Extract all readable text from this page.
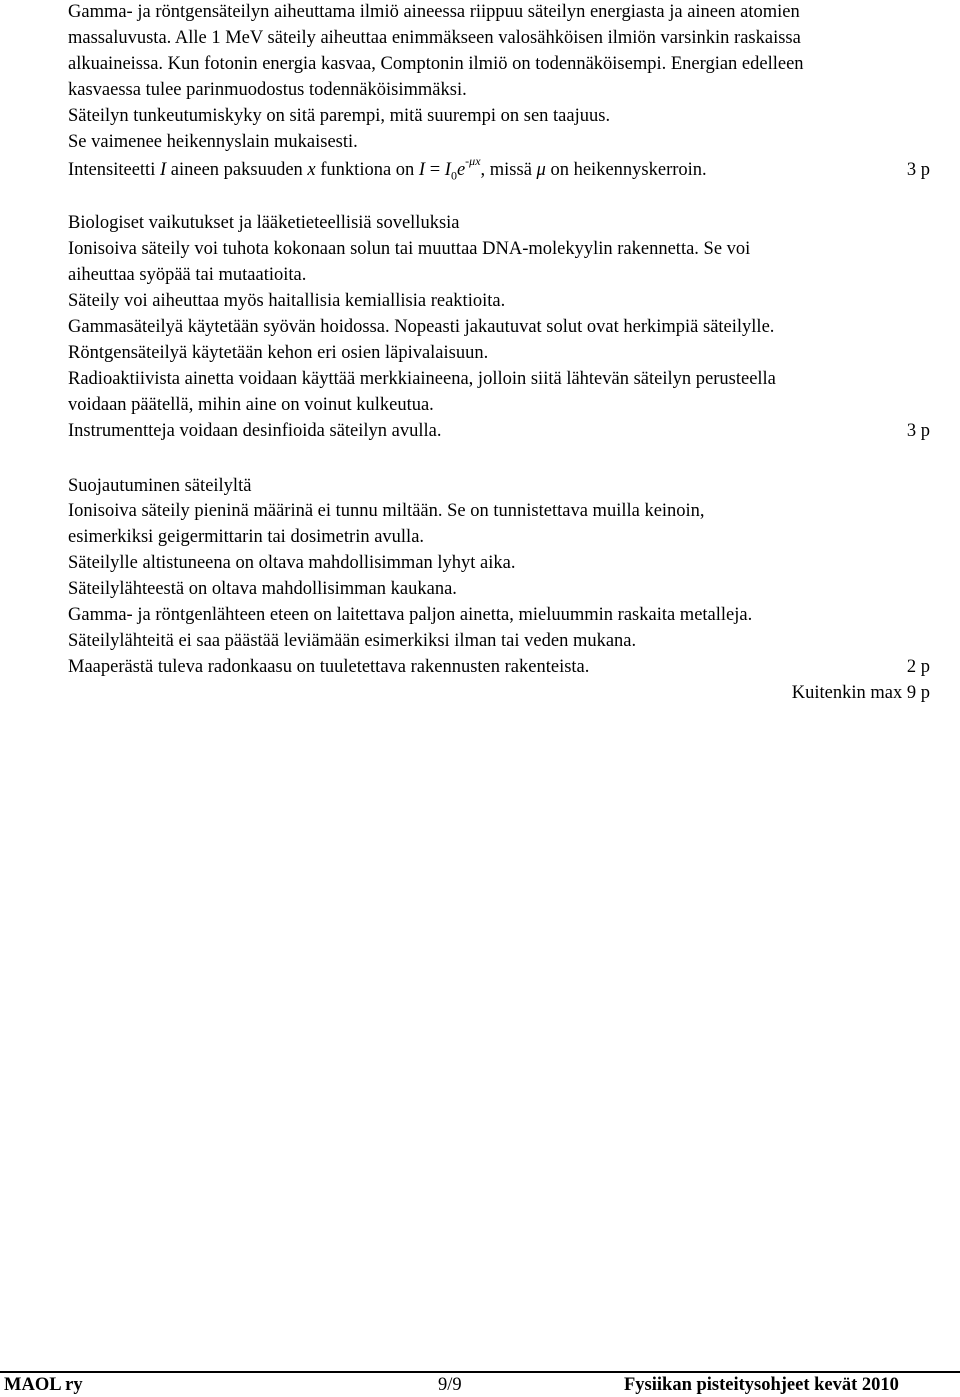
Gamma- ja röntgensäteilyn aiheuttama ilmiö aineessa riippuu säteilyn energiasta ja aineen atomien
massaluvusta. Alle 1 MeV säteily aiheuttaa enimmäkseen valosähköisen ilmiön varsinkin raskaissa
alkuaineissa. Kun fotonin energia kasvaa, Comptonin ilmiö on todennäköisempi. Energian edelleen
kasvaessa tulee parinmuodostus todennäköisimmäksi.
Säteilyn tunkeutumiskyky on sitä parempi, mitä suurempi on sen taajuus.
Se vaimenee heikennyslain mukaisesti.
Intensiteetti I aineen paksuuden x funktiona on $I = I_0e^{-\mu x}$, missä μ on heikennyskerroin.	3 p
Biologiset vaikutukset ja lääketieteellisiä sovelluksia
Ionisoiva säteily voi tuhota kokonaan solun tai muuttaa DNA-molekyylin rakennetta. Se voi
aiheuttaa syöpää tai mutaatioita.
Säteily voi aiheuttaa myös haitallisia kemiallisia reaktioita.
Gammasäteilyä käytetään syövän hoidossa. Nopeasti jakautuvat solut ovat herkimpiä säteilylle.
Röntgensäteilyä käytetään kehon eri osien läpivalaisuun.
Radioaktiivista ainetta voidaan käyttää merkkiaineena, jolloin siitä lähtevän säteilyn perusteella
voidaan päätellä, mihin aine on voinut kulkeutua.
Instrumentteja voidaan desinfioida säteilyn avulla.	3 p
Suojautuminen säteilyltä
Ionisoiva säteily pieninä määrinä ei tunnu miltään. Se on tunnistettava muilla keinoin,
esimerkiksi geigermittarin tai dosimetrin avulla.
Säteilylle altistuneena on oltava mahdollisimman lyhyt aika.
Säteilylähteestä on oltava mahdollisimman kaukana.
Gamma- ja röntgenlähteen eteen on laitettava paljon ainetta, mieluummin raskaita metalleja.
Säteilylähteitä ei saa päästää leviämään esimerkiksi ilman tai veden mukana.
Maaperästä tuleva radonkaasu on tuuletettava rakennusten rakenteista.	2 p
Kuitenkin max 9 p
MAOL ry	9/9	Fysiikan pisteitysohjeet kevät 2010
